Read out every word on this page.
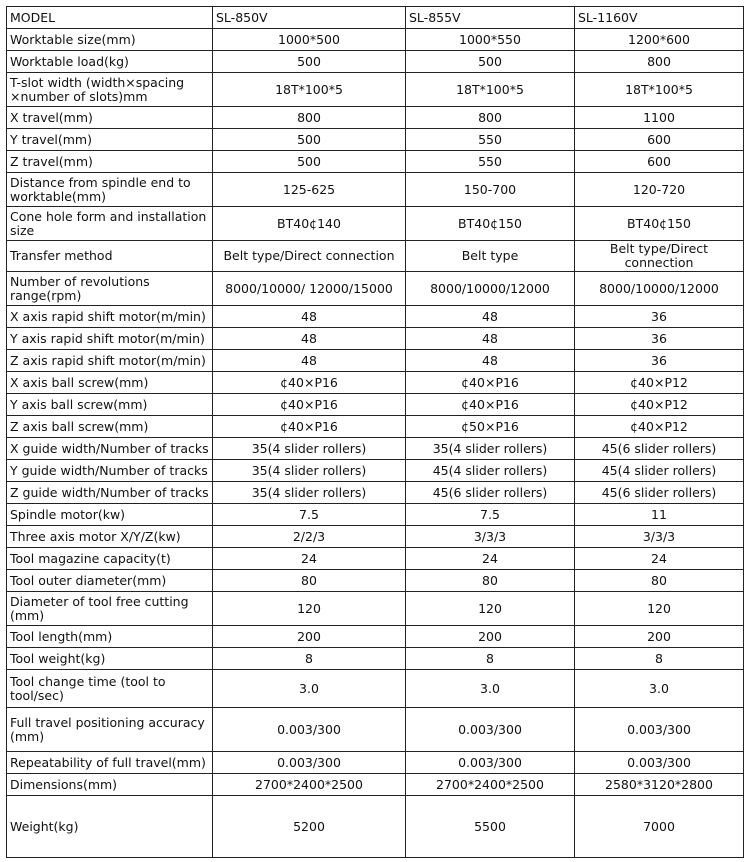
MODEL	SL-850V	SL-855V	SL-1160V
Worktable size(mm)	1000*500	1000*550	1200*600
Worktable load(kg)	500	500	800
T-slot width (width×spacing ×number of slots)mm	18T*100*5	18T*100*5	18T*100*5
X travel(mm)	800	800	1100
Y travel(mm)	500	550	600
Z travel(mm)	500	550	600
Distance from spindle end to worktable(mm)	125-625	150-700	120-720
Cone hole form and installation size	BT40¢140	BT40¢150	BT40¢150
Transfer method	Belt type/Direct connection	Belt type	Belt type/Direct connection
Number of revolutions range(rpm)	8000/10000/ 12000/15000	8000/10000/12000	8000/10000/12000
X axis rapid shift motor(m/min)	48	48	36
Y axis rapid shift motor(m/min)	48	48	36
Z axis rapid shift motor(m/min)	48	48	36
X axis ball screw(mm)	¢40×P16	¢40×P16	¢40×P12
Y axis ball screw(mm)	¢40×P16	¢40×P16	¢40×P12
Z axis ball screw(mm)	¢40×P16	¢50×P16	¢40×P12
X guide width/Number of tracks	35(4 slider rollers)	35(4 slider rollers)	45(6 slider rollers)
Y guide width/Number of tracks	35(4 slider rollers)	45(4 slider rollers)	45(4 slider rollers)
Z guide width/Number of tracks	35(4 slider rollers)	45(6 slider rollers)	45(6 slider rollers)
Spindle motor(kw)	7.5	7.5	11
Three axis motor X/Y/Z(kw)	2/2/3	3/3/3	3/3/3
Tool magazine capacity(t)	24	24	24
Tool outer diameter(mm)	80	80	80
Diameter of tool free cutting (mm)	120	120	120
Tool length(mm)	200	200	200
Tool weight(kg)	8	8	8
Tool change time (tool to tool/sec)	3.0	3.0	3.0
Full travel positioning accuracy (mm)	0.003/300	0.003/300	0.003/300
Repeatability of full travel(mm)	0.003/300	0.003/300	0.003/300
Dimensions(mm)	2700*2400*2500	2700*2400*2500	2580*3120*2800
Weight(kg)	5200	5500	7000
